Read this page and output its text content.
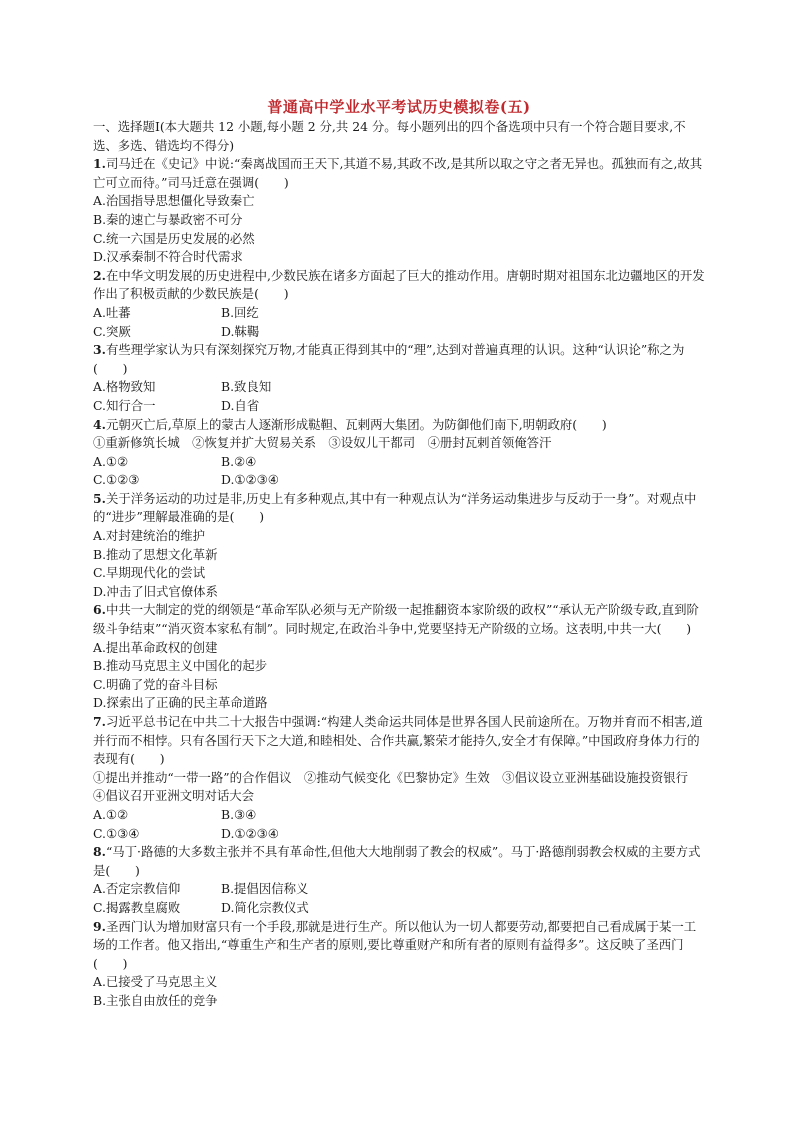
普通高中学业水平考试历史模拟卷(五)
一、选择题Ⅰ(本大题共 12 小题,每小题 2 分,共 24 分。每小题列出的四个备选项中只有一个符合题目要求,不选、多选、错选均不得分)
1.司马迁在《史记》中说:“秦离战国而王天下,其道不易,其政不改,是其所以取之守之者无异也。孤独而有之,故其亡可立而待。”司马迁意在强调(　　)
A.治国指导思想僵化导致秦亡
B.秦的速亡与暴政密不可分
C.统一六国是历史发展的必然
D.汉承秦制不符合时代需求
2.在中华文明发展的历史进程中,少数民族在诸多方面起了巨大的推动作用。唐朝时期对祖国东北边疆地区的开发作出了积极贡献的少数民族是(　　)
A.吐蕃	B.回纥
C.突厥	D.靺鞨
3.有些理学家认为只有深刻探究万物,才能真正得到其中的“理”,达到对普遍真理的认识。这种“认识论”称之为(　　)
A.格物致知	B.致良知
C.知行合一	D.自省
4.元朝灭亡后,草原上的蒙古人逐渐形成鞑靼、瓦剌两大集团。为防御他们南下,明朝政府(　　)
①重新修筑长城　②恢复并扩大贸易关系　③设奴儿干都司　④册封瓦剌首领俺答汗
A.①②	B.②④
C.①②③	D.①②③④
5.关于洋务运动的功过是非,历史上有多种观点,其中有一种观点认为“洋务运动集进步与反动于一身”。对观点中的“进步”理解最准确的是(　　)
A.对封建统治的维护
B.推动了思想文化革新
C.早期现代化的尝试
D.冲击了旧式官僚体系
6.中共一大制定的党的纲领是“革命军队必须与无产阶级一起推翻资本家阶级的政权”“承认无产阶级专政,直到阶级斗争结束”“消灭资本家私有制”。同时规定,在政治斗争中,党要坚持无产阶级的立场。这表明,中共一大(　　)
A.提出革命政权的创建
B.推动马克思主义中国化的起步
C.明确了党的奋斗目标
D.探索出了正确的民主革命道路
7.习近平总书记在中共二十大报告中强调:“构建人类命运共同体是世界各国人民前途所在。万物并育而不相害,道并行而不相悖。只有各国行天下之大道,和睦相处、合作共赢,繁荣才能持久,安全才有保障。”中国政府身体力行的表现有(　　)
①提出并推动“一带一路”的合作倡议　②推动气候变化《巴黎协定》生效　③倡议设立亚洲基础设施投资银行　④倡议召开亚洲文明对话大会
A.①②	B.③④
C.①③④	D.①②③④
8.“马丁·路德的大多数主张并不具有革命性,但他大大地削弱了教会的权威”。马丁·路德削弱教会权威的主要方式是(　　)
A.否定宗教信仰	B.提倡因信称义
C.揭露教皇腐败	D.简化宗教仪式
9.圣西门认为增加财富只有一个手段,那就是进行生产。所以他认为一切人都要劳动,都要把自己看成属于某一工场的工作者。他又指出,“尊重生产和生产者的原则,要比尊重财产和所有者的原则有益得多”。这反映了圣西门(　　)
A.已接受了马克思主义
B.主张自由放任的竞争
